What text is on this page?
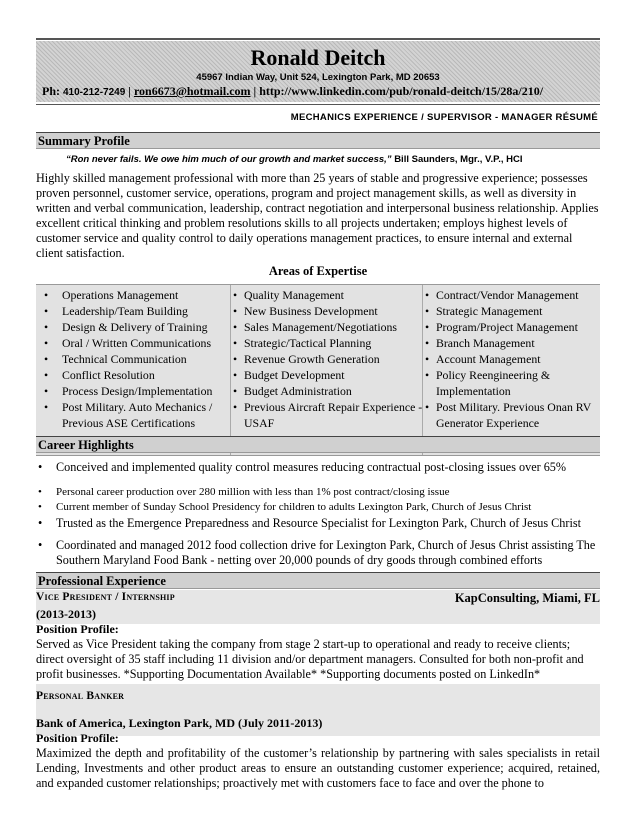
Ronald Deitch
45967 Indian Way, Unit 524, Lexington Park, MD 20653
Ph: 410-212-7249 | ron6673@hotmail.com | http://www.linkedin.com/pub/ronald-deitch/15/28a/210/
MECHANICS EXPERIENCE / SUPERVISOR - MANAGER RÉSUMÉ
Summary Profile
“Ron never fails. We owe him much of our growth and market success,” Bill Saunders, Mgr., V.P., HCI
Highly skilled management professional with more than 25 years of stable and progressive experience; possesses proven personnel, customer service, operations, program and project management skills, as well as diversity in written and verbal communication, leadership, contract negotiation and interpersonal business relationship. Applies excellent critical thinking and problem resolutions skills to all projects undertaken; employs highest levels of customer service and quality control to daily operations management practices, to ensure internal and external client satisfaction.
Areas of Expertise
• Operations Management
• Leadership/Team Building
• Design & Delivery of Training
• Oral / Written Communications
• Technical Communication
• Conflict Resolution
• Process Design/Implementation
• Post Military. Auto Mechanics / Previous ASE Certifications
• Quality Management
• New Business Development
• Sales Management/Negotiations
• Strategic/Tactical Planning
• Revenue Growth Generation
• Budget Development
• Budget Administration
• Previous Aircraft Repair Experience - USAF
• Contract/Vendor Management
• Strategic Management
• Program/Project Management
• Branch Management
• Account Management
• Policy Reengineering & Implementation
• Post Military. Previous Onan RV Generator Experience
Career Highlights
• Conceived and implemented quality control measures reducing contractual post-closing issues over 65%
• Personal career production over 280 million with less than 1% post contract/closing issue
• Current member of Sunday School Presidency for children to adults Lexington Park, Church of Jesus Christ
• Trusted as the Emergence Preparedness and Resource Specialist for Lexington Park, Church of Jesus Christ
• Coordinated and managed 2012 food collection drive for Lexington Park, Church of Jesus Christ assisting The Southern Maryland Food Bank - netting over 20,000 pounds of dry goods through combined efforts
Professional Experience
Vice President / Internship	KapConsulting, Miami, FL
(2013-2013)
Position Profile:
Served as Vice President taking the company from stage 2 start-up to operational and ready to receive clients; direct oversight of 35 staff including 11 division and/or department managers. Consulted for both non-profit and profit businesses. *Supporting Documentation Available* *Supporting documents posted on LinkedIn*
Personal Banker
Bank of America, Lexington Park, MD (July 2011-2013)
Position Profile:
Maximized the depth and profitability of the customer’s relationship by partnering with sales specialists in retail Lending, Investments and other product areas to ensure an outstanding customer experience; acquired, retained, and expanded customer relationships; proactively met with customers face to face and over the phone to
